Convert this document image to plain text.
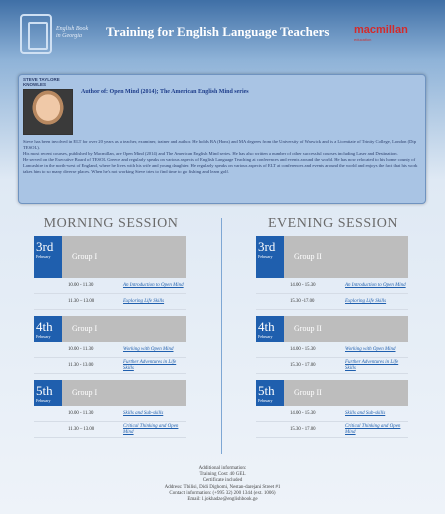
English Book
in Georgia	Training for English Language Teachers macmillan
education
STEVE TAYLORE
KNOWLES
Author of: Open Mind (2014); The American English Mind series

Steve has been involved in ELT for over 20 years as a teacher, examiner, trainer and author. He holds BA (Hons) and MA degrees from the University of Warwick and is a Licentiate of Trinity College, London (Dip TESOL).

His most recent courses, published by Macmillan, are Open Mind (2014) and The American English Mind series. He has also written a number of other successful courses including Laser and Destination.

He served on the Executive Board of TESOL Greece and regularly speaks on various aspects of English Language Teaching at conferences and events around the world. He has now relocated to his home county of Lancashire in the north-west of England, where he lives with his wife and young daughter. He regularly speaks on various aspects of ELT at conferences and events around the world and enjoys the fact that his work takes him to so many diverse places. When he's not working Steve tries to find time to go fishing and learn golf.

MORNING SESSION
3rd
February	Group I
10.00 - 11.30	An Introduction to Open Mind
11.30 – 13.00	Exploring Life Skills
4th
February
Group I
10.00 - 11.30	Working with Open Mind
11.30 - 13.00
Further Adventures in Life Skills
5th
February
Group I
10.00 - 11.30	Skills and Sub-skills
11.30 – 13.00
Critical Thinking and Open Mind
EVENING SESSION
3rd
February	Group II
14.00 - 15.30	An Introduction to Open Mind
15.30 -17.00	Exploring Life Skills
4th
February
Group II
14.00 - 15.30	Working with Open Mind
15.30 - 17.00
Further Adventures in Life Skills
5th
February
Group II
14.00 - 15.30	Skills and Sub-skills
15.30 - 17.00
Critical Thinking and Open Mind
Additional information:
Training Cost: 40 GEL
Certificate included
Address: Tbilisi, Didi Dighomi, Nestan-darejani Street #1
Contact information: (+995 32) 200 1344 (ext. 1006)
Email: l.jokhadze@englishbook.ge
